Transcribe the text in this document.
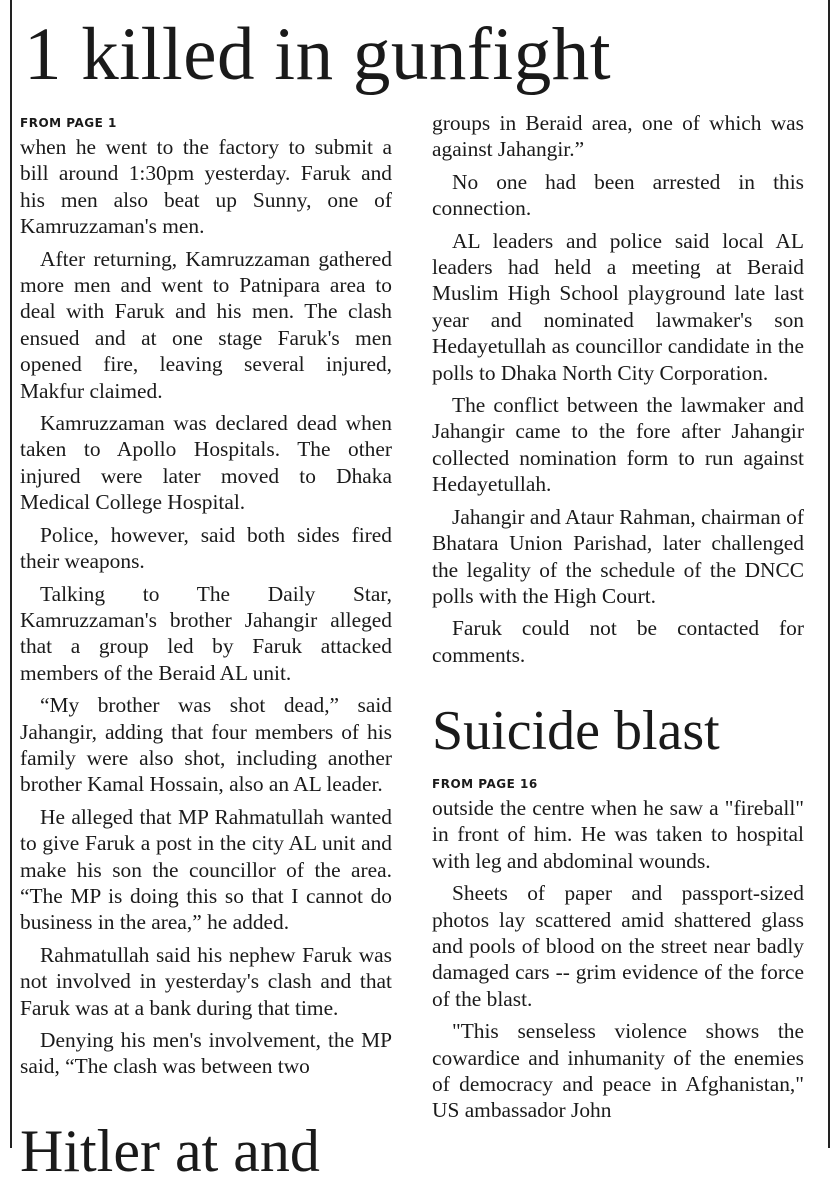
1 killed in gunfight
FROM PAGE 1

when he went to the factory to submit a bill around 1:30pm yesterday. Faruk and his men also beat up Sunny, one of Kamruzzaman's men.

After returning, Kamruzzaman gathered more men and went to Patnipara area to deal with Faruk and his men. The clash ensued and at one stage Faruk's men opened fire, leaving several injured, Makfur claimed.

Kamruzzaman was declared dead when taken to Apollo Hospitals. The other injured were later moved to Dhaka Medical College Hospital.

Police, however, said both sides fired their weapons.

Talking to The Daily Star, Kamruzzaman's brother Jahangir alleged that a group led by Faruk attacked members of the Beraid AL unit.

“My brother was shot dead,” said Jahangir, adding that four members of his family were also shot, including another brother Kamal Hossain, also an AL leader.

He alleged that MP Rahmatullah wanted to give Faruk a post in the city AL unit and make his son the councillor of the area. “The MP is doing this so that I cannot do business in the area,” he added.

Rahmatullah said his nephew Faruk was not involved in yesterday's clash and that Faruk was at a bank during that time.

Denying his men's involvement, the MP said, “The clash was between two

groups in Beraid area, one of which was against Jahangir.”

No one had been arrested in this connection.

AL leaders and police said local AL leaders had held a meeting at Beraid Muslim High School playground late last year and nominated lawmaker's son Hedayetullah as councillor candidate in the polls to Dhaka North City Corporation.

The conflict between the lawmaker and Jahangir came to the fore after Jahangir collected nomination form to run against Hedayetullah.

Jahangir and Ataur Rahman, chairman of Bhatara Union Parishad, later challenged the legality of the schedule of the DNCC polls with the High Court.

Faruk could not be contacted for comments.

Suicide blast
FROM PAGE 16

outside the centre when he saw a "fireball" in front of him. He was taken to hospital with leg and abdominal wounds.

Sheets of paper and passport-sized photos lay scattered amid shattered glass and pools of blood on the street near badly damaged cars -- grim evidence of the force of the blast.

"This senseless violence shows the cowardice and inhumanity of the enemies of democracy and peace in Afghanistan," US ambassador John

Hitler at and
